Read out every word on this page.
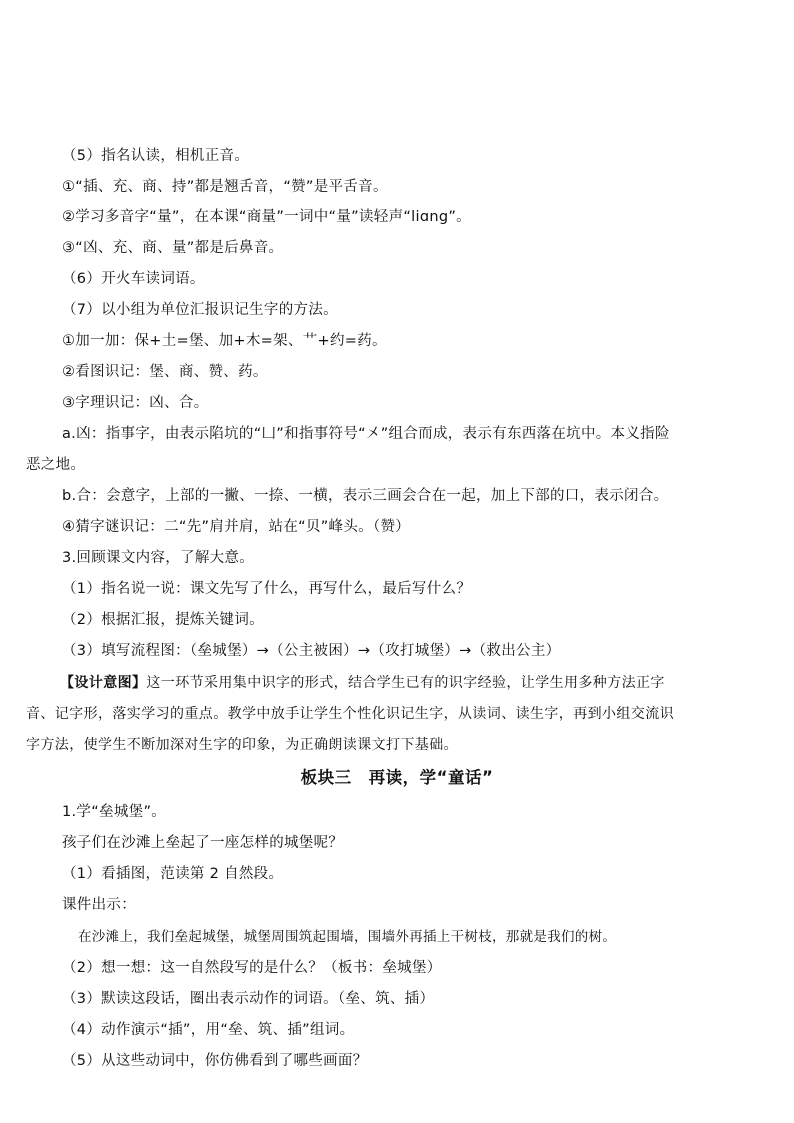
（5）指名认读，相机正音。
①“插、充、商、持”都是翘舌音，“赞”是平舌音。
②学习多音字“量”，在本课“商量”一词中“量”读轻声“liɑng”。
③“凶、充、商、量”都是后鼻音。
（6）开火车读词语。
（7）以小组为单位汇报识记生字的方法。
①加一加：保+土=堡、加+木=架、艹+约=药。
②看图识记：堡、商、赞、药。
③字理识记：凶、合。
a.凶：指事字，由表示陷坑的“凵”和指事符号“㐅”组合而成，表示有东西落在坑中。本义指险
恶之地。
b.合：会意字，上部的一撇、一捺、一横，表示三画会合在一起，加上下部的口，表示闭合。
④猜字谜识记：二“先”肩并肩，站在“贝”峰头。（赞）
3.回顾课文内容，了解大意。
（1）指名说一说：课文先写了什么，再写什么，最后写什么？
（2）根据汇报，提炼关键词。
（3）填写流程图：（垒城堡）→（公主被困）→（攻打城堡）→（救出公主）
【设计意图】这一环节采用集中识字的形式，结合学生已有的识字经验，让学生用多种方法正字
音、记字形，落实学习的重点。教学中放手让学生个性化识记生字，从读词、读生字，再到小组交流识
字方法，使学生不断加深对生字的印象，为正确朗读课文打下基础。
板块三　再读，学“童话”
1.学“垒城堡”。
孩子们在沙滩上垒起了一座怎样的城堡呢？
（1）看插图，范读第 2 自然段。
课件出示：
在沙滩上，我们垒起城堡，城堡周围筑起围墙，围墙外再插上干树枝，那就是我们的树。
（2）想一想：这一自然段写的是什么？（板书：垒城堡）
（3）默读这段话，圈出表示动作的词语。（垒、筑、插）
（4）动作演示“插”，用“垒、筑、插”组词。
（5）从这些动词中，你仿佛看到了哪些画面？
